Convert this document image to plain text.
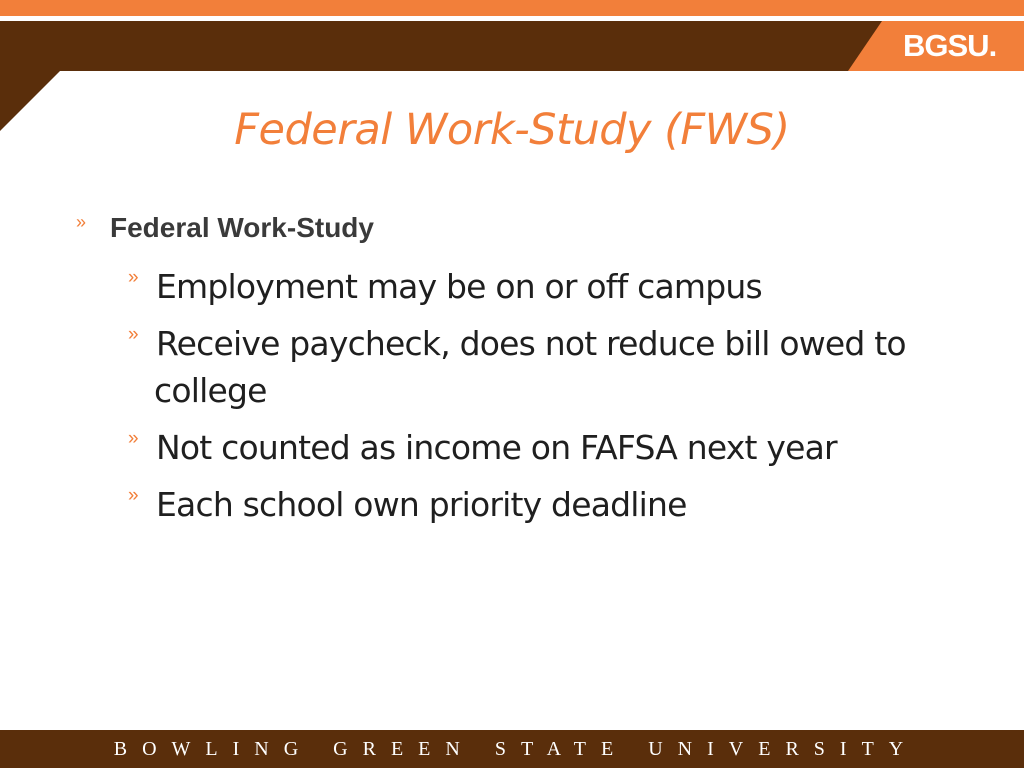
BGSU.
Federal Work-Study (FWS)
» Federal Work-Study
» Employment may be on or off campus
» Receive paycheck, does not reduce bill owed to
college
» Not counted as income on FAFSA next year
» Each school own priority deadline
BOWLING GREEN STATE UNIVERSITY
